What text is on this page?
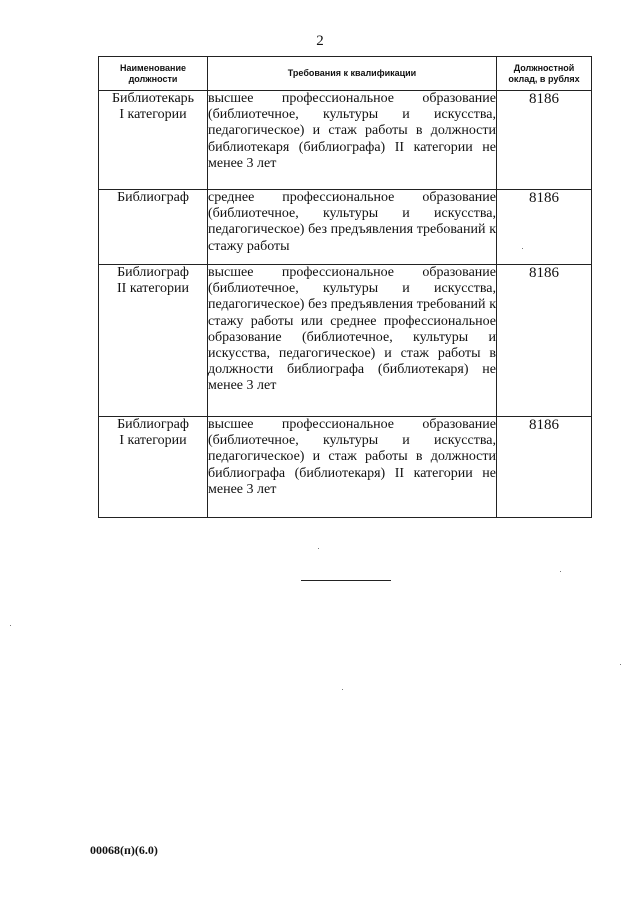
2
Наименование
должности	Требования к квалификации	Должностной
оклад, в рублях
Библиотекарь
I категории	высшее профессиональное образование (библиотечное, культуры и искусства, педагогическое) и стаж работы в должности библиотекаря (библиографа) II категории не менее 3 лет	8186
Библиограф	среднее профессиональное образование (библиотечное, культуры и искусства, педагогическое) без предъявления требований к стажу работы	8186
Библиограф
II категории	высшее профессиональное образование (библиотечное, культуры и искусства, педагогическое) без предъявления требований к стажу работы или среднее профессиональное образование (библиотечное, культуры и искусства, педагогическое) и стаж работы в должности библиографа (библиотекаря) не менее 3 лет	8186
Библиограф
I категории	высшее профессиональное образование (библиотечное, культуры и искусства, педагогическое) и стаж работы в должности библиографа (библиотекаря) II категории не менее 3 лет	8186
00068(п)(6.0)
